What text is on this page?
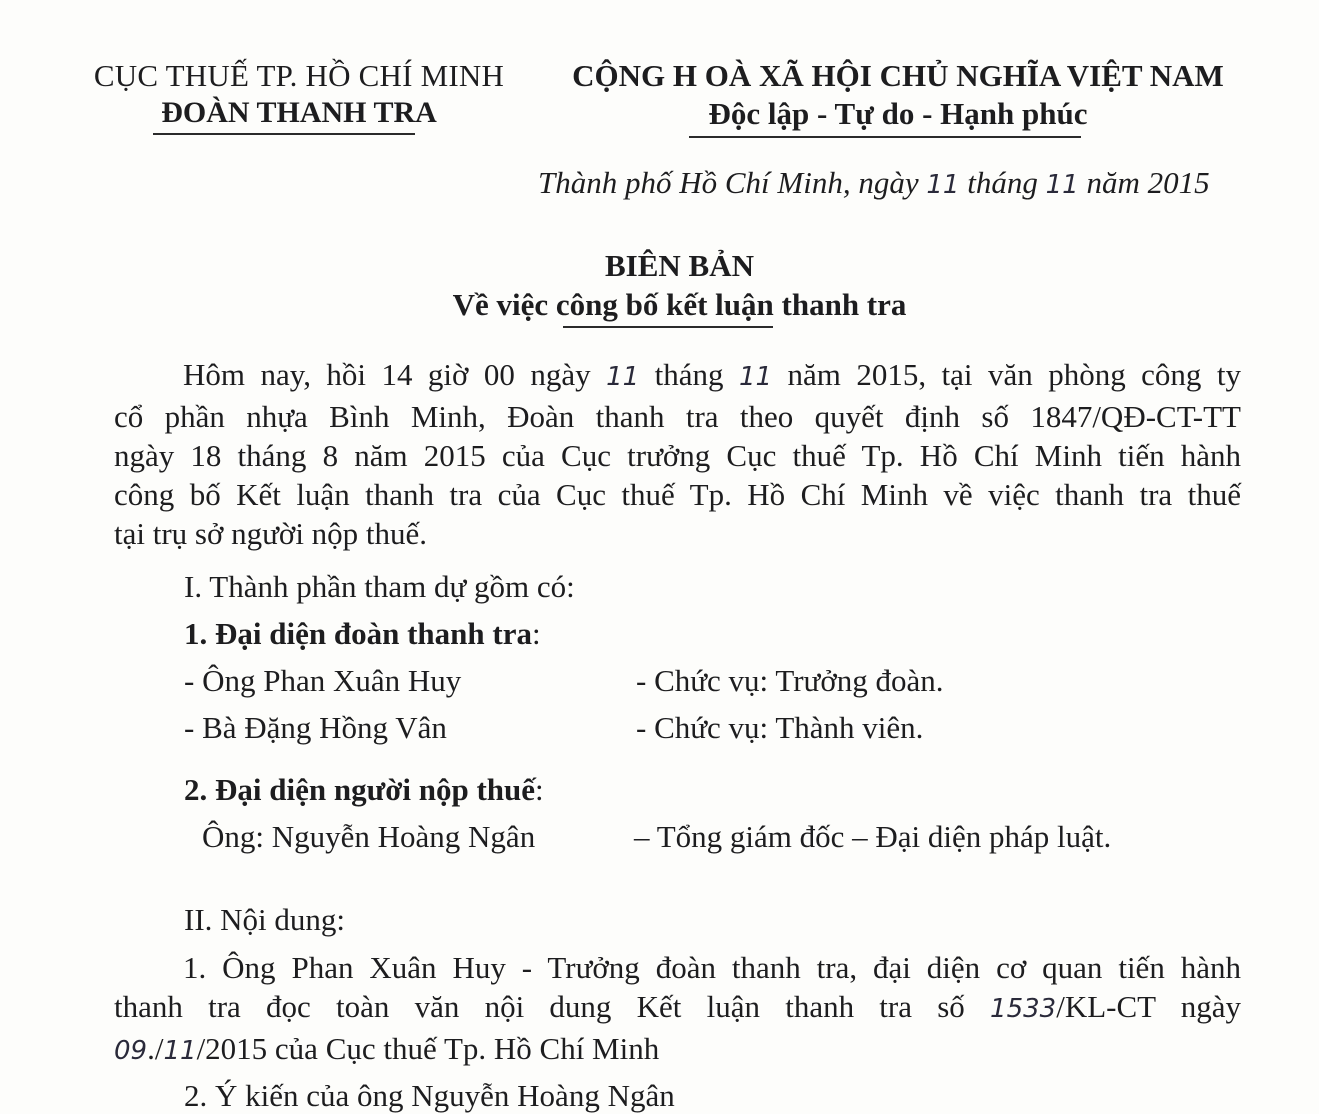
CỤC THUẾ TP. HỒ CHÍ MINH
ĐOÀN THANH TRA
CỘNG H OÀ XÃ HỘI CHỦ NGHĨA VIỆT NAM
Độc lập - Tự do - Hạnh phúc
Thành phố Hồ Chí Minh, ngày 11 tháng 11 năm 2015
BIÊN BẢN
Về việc công bố kết luận thanh tra
Hôm nay, hồi 14 giờ 00 ngày 11 tháng 11 năm 2015, tại văn phòng công ty
cổ phần nhựa Bình Minh, Đoàn thanh tra theo quyết định số 1847/QĐ-CT-TT
ngày 18 tháng 8 năm 2015 của Cục trưởng Cục thuế Tp. Hồ Chí Minh tiến hành
công bố Kết luận thanh tra của Cục thuế Tp. Hồ Chí Minh về việc thanh tra thuế
tại trụ sở người nộp thuế.
I. Thành phần tham dự gồm có:
1. Đại diện đoàn thanh tra:
- Ông Phan Xuân Huy	- Chức vụ: Trưởng đoàn.
- Bà Đặng Hồng Vân	- Chức vụ: Thành viên.
2. Đại diện người nộp thuế:
Ông: Nguyễn Hoàng Ngân	– Tổng giám đốc – Đại diện pháp luật.
II. Nội dung:
1. Ông Phan Xuân Huy - Trưởng đoàn thanh tra, đại diện cơ quan tiến hành
thanh tra đọc toàn văn nội dung Kết luận thanh tra số 1533/KL-CT ngày
09./11/2015 của Cục thuế Tp. Hồ Chí Minh
2. Ý kiến của ông Nguyễn Hoàng Ngân
